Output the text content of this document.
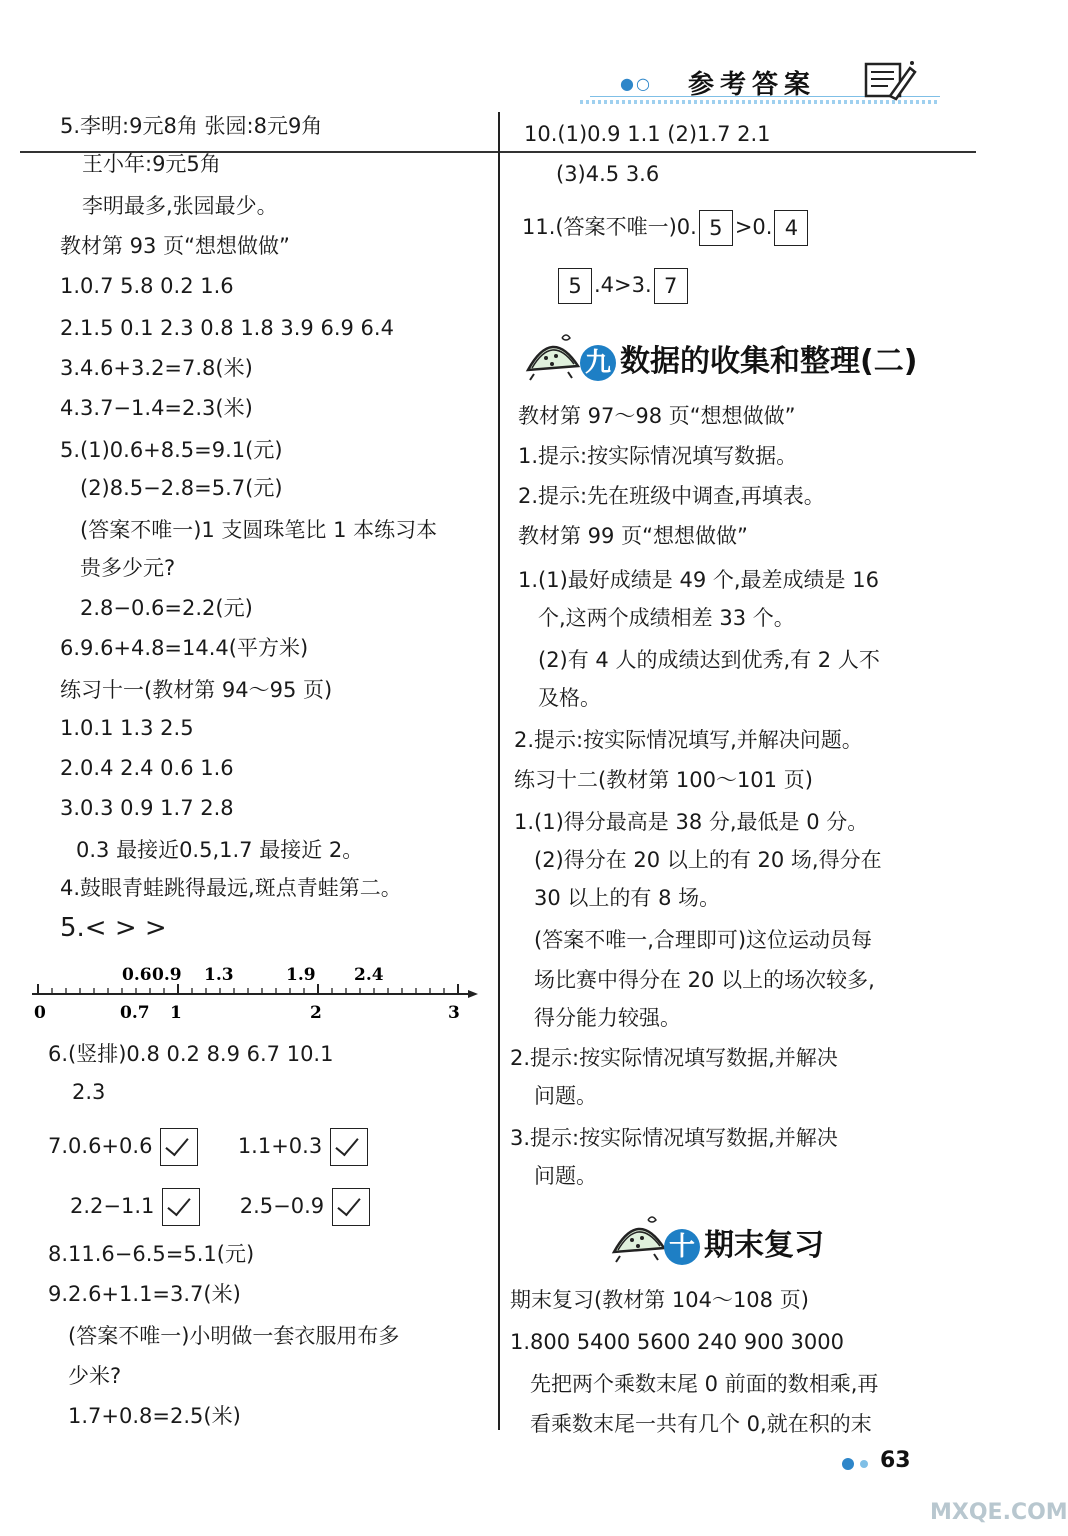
●○ 参考答案
5.李明:9元8角 张园:8元9角
王小年:9元5角
李明最多,张园最少。
教材第 93 页“想想做做”
1.0.7 5.8 0.2 1.6
2.1.5 0.1 2.3 0.8 1.8 3.9 6.9 6.4
3.4.6+3.2=7.8(米)
4.3.7−1.4=2.3(米)
5.(1)0.6+8.5=9.1(元)
(2)8.5−2.8=5.7(元)
(答案不唯一)1 支圆珠笔比 1 本练习本
贵多少元?
2.8−0.6=2.2(元)
6.9.6+4.8=14.4(平方米)
练习十一(教材第 94～95 页)
1.0.1 1.3 2.5
2.0.4 2.4 0.6 1.6
3.0.3 0.9 1.7 2.8
0.3 最接近0.5,1.7 最接近 2。
4.鼓眼青蛙跳得最远,斑点青蛙第二。
5.< > >
0.6 0.9 1.3	1.9 2.4
0	0.7 1	2	3
6.(竖排)0.8 0.2 8.9 6.7 10.1
2.3
7.0.6+0.6	1.1+0.3
2.2−1.1	2.5−0.9
8.11.6−6.5=5.1(元)
9.2.6+1.1=3.7(米)
(答案不唯一)小明做一套衣服用布多
少米?
1.7+0.8=2.5(米)
10.(1)0.9 1.1 (2)1.7 2.1
(3)4.5 3.6
11.(答案不唯一)0. 5 >0. 4
5 .4>3. 7
九 数据的收集和整理(二)
教材第 97～98 页“想想做做”
1.提示:按实际情况填写数据。
2.提示:先在班级中调查,再填表。
教材第 99 页“想想做做”
1.(1)最好成绩是 49 个,最差成绩是 16
个,这两个成绩相差 33 个。
(2)有 4 人的成绩达到优秀,有 2 人不
及格。
2.提示:按实际情况填写,并解决问题。
练习十二(教材第 100～101 页)
1.(1)得分最高是 38 分,最低是 0 分。
(2)得分在 20 以上的有 20 场,得分在
30 以上的有 8 场。
(答案不唯一,合理即可)这位运动员每
场比赛中得分在 20 以上的场次较多,
得分能力较强。
2.提示:按实际情况填写数据,并解决
问题。
3.提示:按实际情况填写数据,并解决
问题。
十 期末复习
期末复习(教材第 104～108 页)
1.800 5400 5600 240 900 3000
先把两个乘数末尾 0 前面的数相乘,再
看乘数末尾一共有几个 0,就在积的末
63
MXQE.COM
